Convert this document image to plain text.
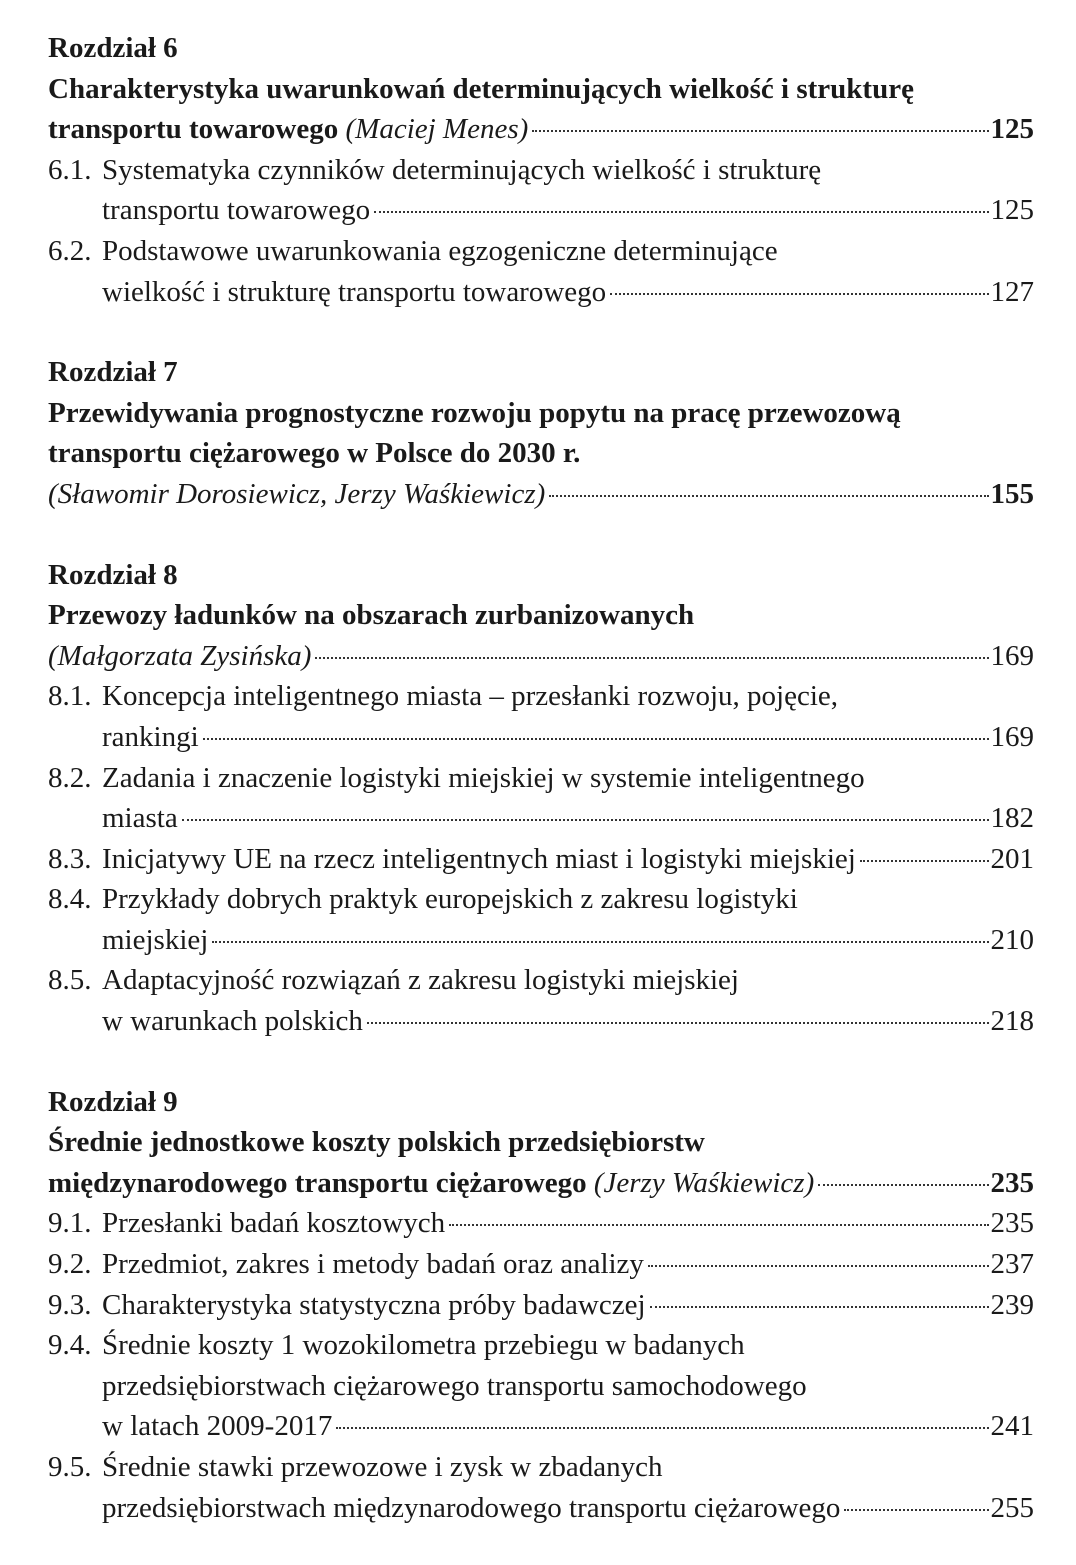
Rozdział 6
Charakterystyka uwarunkowań determinujących wielkość i strukturę
transportu towarowego (Maciej Menes)	125
6.1. Systematyka czynników determinujących wielkość i strukturę
transportu towarowego	125
6.2. Podstawowe uwarunkowania egzogeniczne determinujące
wielkość i strukturę transportu towarowego	127
Rozdział 7
Przewidywania prognostyczne rozwoju popytu na pracę przewozową
transportu ciężarowego w Polsce do 2030 r.
(Sławomir Dorosiewicz, Jerzy Waśkiewicz)	155
Rozdział 8
Przewozy ładunków na obszarach zurbanizowanych
(Małgorzata Zysińska)	169
8.1. Koncepcja inteligentnego miasta – przesłanki rozwoju, pojęcie,
rankingi	169
8.2. Zadania i znaczenie logistyki miejskiej w systemie inteligentnego
miasta	182
8.3. Inicjatywy UE na rzecz inteligentnych miast i logistyki miejskiej	201
8.4. Przykłady dobrych praktyk europejskich z zakresu logistyki
miejskiej	210
8.5. Adaptacyjność rozwiązań z zakresu logistyki miejskiej
w warunkach polskich	218
Rozdział 9
Średnie jednostkowe koszty polskich przedsiębiorstw
międzynarodowego transportu ciężarowego (Jerzy Waśkiewicz)	235
9.1. Przesłanki badań kosztowych	235
9.2. Przedmiot, zakres i metody badań oraz analizy	237
9.3. Charakterystyka statystyczna próby badawczej	239
9.4. Średnie koszty 1 wozokilometra przebiegu w badanych
przedsiębiorstwach ciężarowego transportu samochodowego
w latach 2009-2017	241
9.5. Średnie stawki przewozowe i zysk w zbadanych
przedsiębiorstwach międzynarodowego transportu ciężarowego	255
